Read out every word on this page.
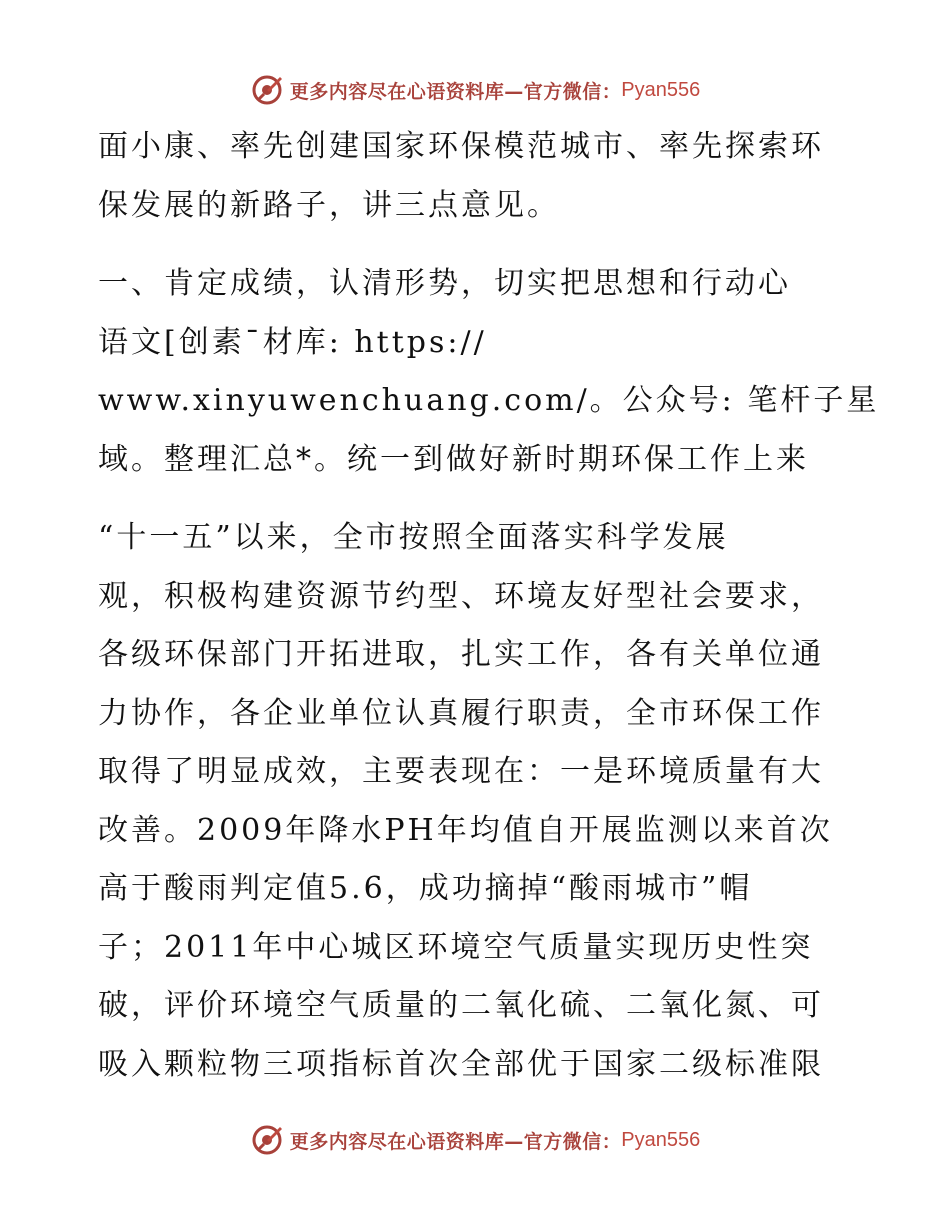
更多内容尽在心语资料库—官方微信： Pyan556
面小康、率先创建国家环保模范城市、率先探索环
保发展的新路子，讲三点意见。
一、肯定成绩，认清形势，切实把思想和行动心
语文[创素¯材库: https://
www.xinyuwenchuang.com/。公众号: 笔杆子星
域。整理汇总*。统一到做好新时期环保工作上来
“十一五”以来，全市按照全面落实科学发展
观，积极构建资源节约型、环境友好型社会要求，
各级环保部门开拓进取，扎实工作，各有关单位通
力协作，各企业单位认真履行职责，全市环保工作
取得了明显成效，主要表现在：一是环境质量有大
改善。2009年降水PH年均值自开展监测以来首次
高于酸雨判定值5.6，成功摘掉“酸雨城市”帽
子；2011年中心城区环境空气质量实现历史性突
破，评价环境空气质量的二氧化硫、二氧化氮、可
吸入颗粒物三项指标首次全部优于国家二级标准限
更多内容尽在心语资料库—官方微信： Pyan556
